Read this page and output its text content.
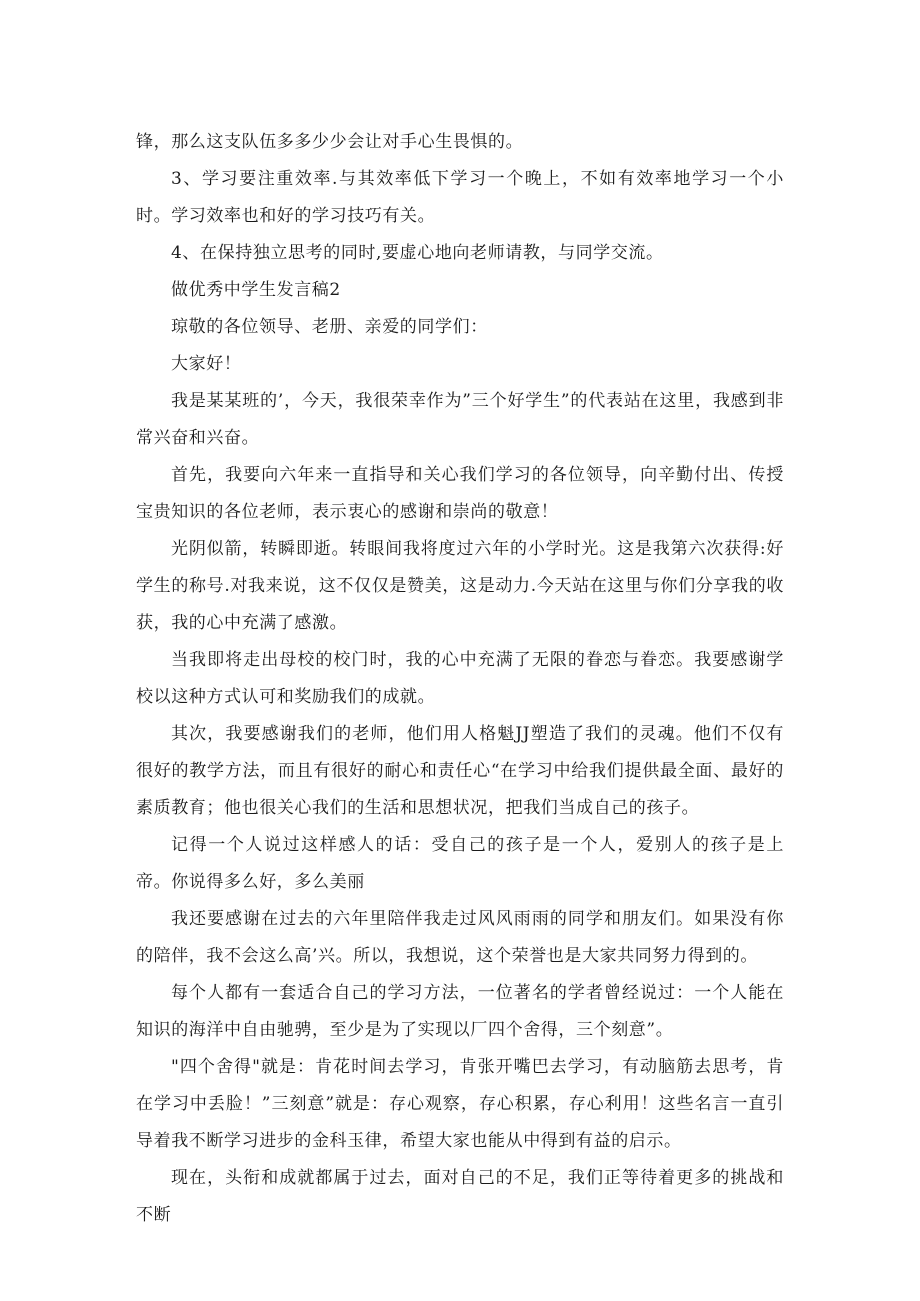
锋，那么这支队伍多多少少会让对手心生畏惧的。

3、学习要注重效率.与其效率低下学习一个晚上，不如有效率地学习一个小时。学习效率也和好的学习技巧有关。

4、在保持独立思考的同时,要虚心地向老师请教，与同学交流。

做优秀中学生发言稿2

琼敬的各位领导、老册、亲爱的同学们：

大家好！

我是某某班的’，今天，我很荣幸作为”三个好学生”的代表站在这里，我感到非常兴奋和兴奋。

首先，我要向六年来一直指导和关心我们学习的各位领导，向辛勤付出、传授宝贵知识的各位老师，表示衷心的感谢和崇尚的敬意！

光阴似箭，转瞬即逝。转眼间我将度过六年的小学时光。这是我第六次获得:好学生的称号.对我来说，这不仅仅是赞美，这是动力.今天站在这里与你们分享我的收获，我的心中充满了感激。

当我即将走出母校的校门时，我的心中充满了无限的眷恋与眷恋。我要感谢学校以这种方式认可和奖励我们的成就。

其次，我要感谢我们的老师，他们用人格魁JJ塑造了我们的灵魂。他们不仅有很好的教学方法，而且有很好的耐心和责任心“在学习中给我们提供最全面、最好的素质教育；他也很关心我们的生活和思想状况，把我们当成自己的孩子。

记得一个人说过这样感人的话：受自己的孩子是一个人，爱别人的孩子是上帝。你说得多么好，多么美丽

我还要感谢在过去的六年里陪伴我走过风风雨雨的同学和朋友们。如果没有你的陪伴，我不会这么高’兴。所以，我想说，这个荣誉也是大家共同努力得到的。

每个人都有一套适合自己的学习方法，一位著名的学者曾经说过：一个人能在知识的海洋中自由驰骋，至少是为了实现以厂四个舍得，三个刻意”。

"四个舍得"就是：肯花时间去学习，肯张开嘴巴去学习，有动脑筋去思考，肯在学习中丢脸！”三刻意”就是：存心观察，存心积累，存心利用！这些名言一直引导着我不断学习进步的金科玉律，希望大家也能从中得到有益的启示。

现在，头衔和成就都属于过去，面对自己的不足，我们正等待着更多的挑战和不断
